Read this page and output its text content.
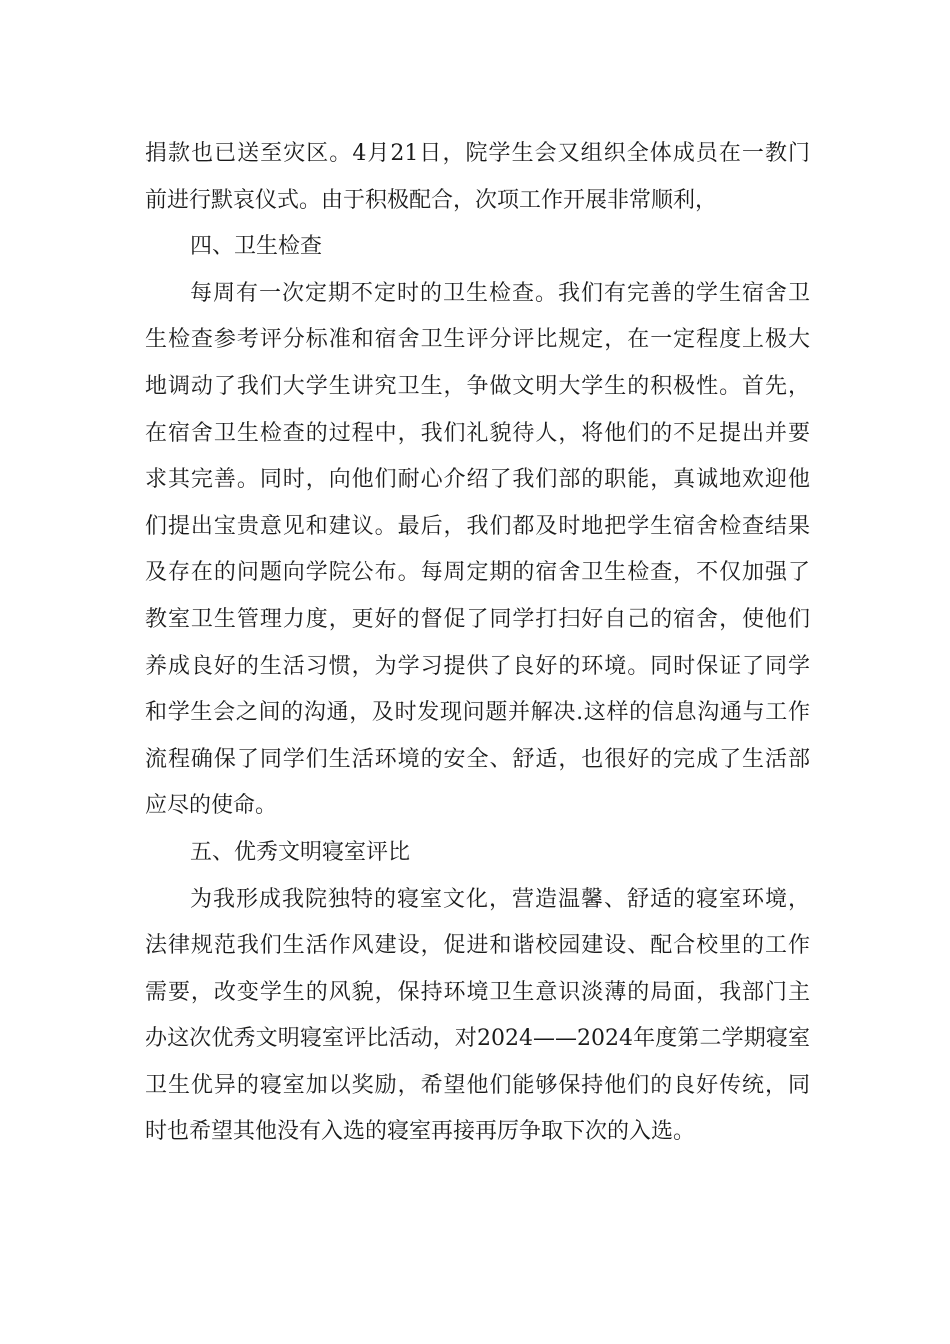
捐款也已送至灾区。4月21日，院学生会又组织全体成员在一教门
前进行默哀仪式。由于积极配合，次项工作开展非常顺利，
四、卫生检查
每周有一次定期不定时的卫生检查。我们有完善的学生宿舍卫
生检查参考评分标准和宿舍卫生评分评比规定，在一定程度上极大
地调动了我们大学生讲究卫生，争做文明大学生的积极性。首先，
在宿舍卫生检查的过程中，我们礼貌待人，将他们的不足提出并要
求其完善。同时，向他们耐心介绍了我们部的职能，真诚地欢迎他
们提出宝贵意见和建议。最后，我们都及时地把学生宿舍检查结果
及存在的问题向学院公布。每周定期的宿舍卫生检查，不仅加强了
教室卫生管理力度，更好的督促了同学打扫好自己的宿舍，使他们
养成良好的生活习惯，为学习提供了良好的环境。同时保证了同学
和学生会之间的沟通，及时发现问题并解决.这样的信息沟通与工作
流程确保了同学们生活环境的安全、舒适，也很好的完成了生活部
应尽的使命。
五、优秀文明寝室评比
为我形成我院独特的寝室文化，营造温馨、舒适的寝室环境，
法律规范我们生活作风建设，促进和谐校园建设、配合校里的工作
需要，改变学生的风貌，保持环境卫生意识淡薄的局面，我部门主
办这次优秀文明寝室评比活动，对2024——2024年度第二学期寝室
卫生优异的寝室加以奖励，希望他们能够保持他们的良好传统，同
时也希望其他没有入选的寝室再接再厉争取下次的入选。
